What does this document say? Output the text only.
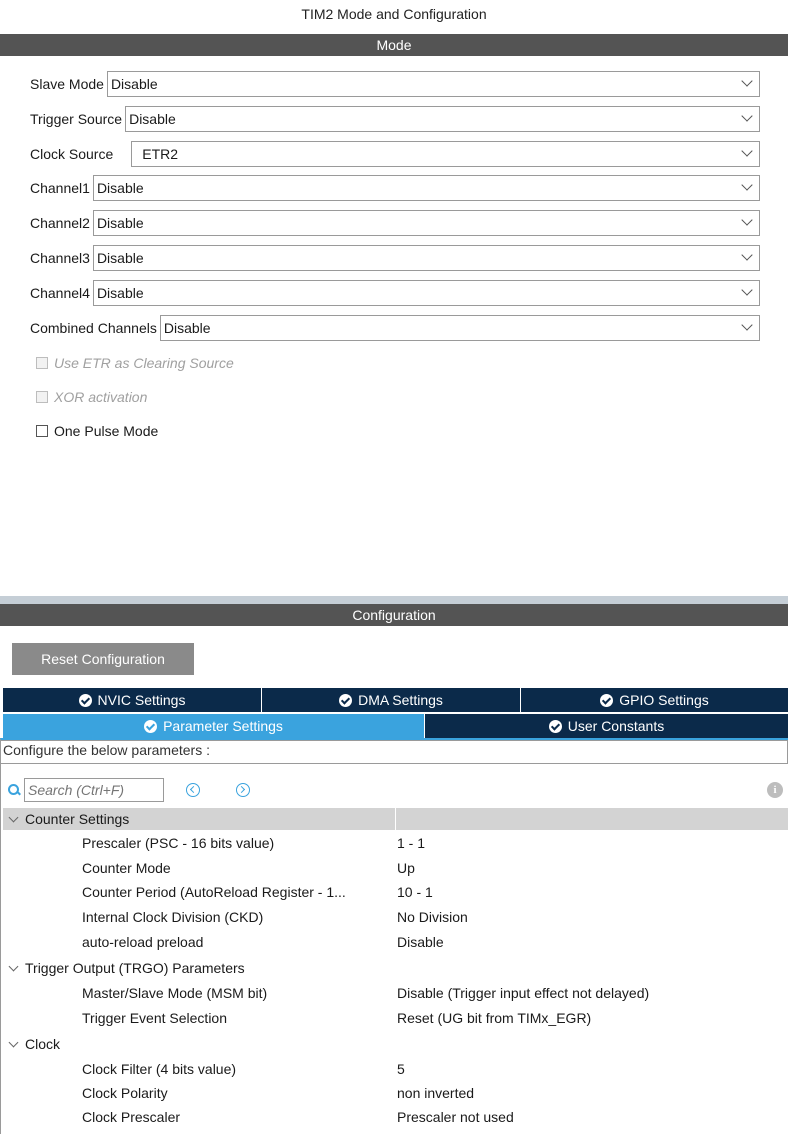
TIM2 Mode and Configuration
Mode
Slave Mode Disable
Trigger Source Disable
Clock Source ETR2
Channel1 Disable
Channel2 Disable
Channel3 Disable
Channel4 Disable
Combined Channels Disable
Use ETR as Clearing Source
XOR activation
One Pulse Mode
Configuration
Reset Configuration
NVIC Settings	DMA Settings	GPIO Settings
Parameter Settings	User Constants
Configure the below parameters :
Search (Ctrl+F)
i
Counter Settings
Prescaler (PSC - 16 bits value)	1 - 1
Counter Mode	Up
Counter Period (AutoReload Register - 1...	10 - 1
Internal Clock Division (CKD)	No Division
auto-reload preload	Disable
Trigger Output (TRGO) Parameters
Master/Slave Mode (MSM bit)	Disable (Trigger input effect not delayed)
Trigger Event Selection	Reset (UG bit from TIMx_EGR)
Clock
Clock Filter (4 bits value)	5
Clock Polarity	non inverted
Clock Prescaler	Prescaler not used
